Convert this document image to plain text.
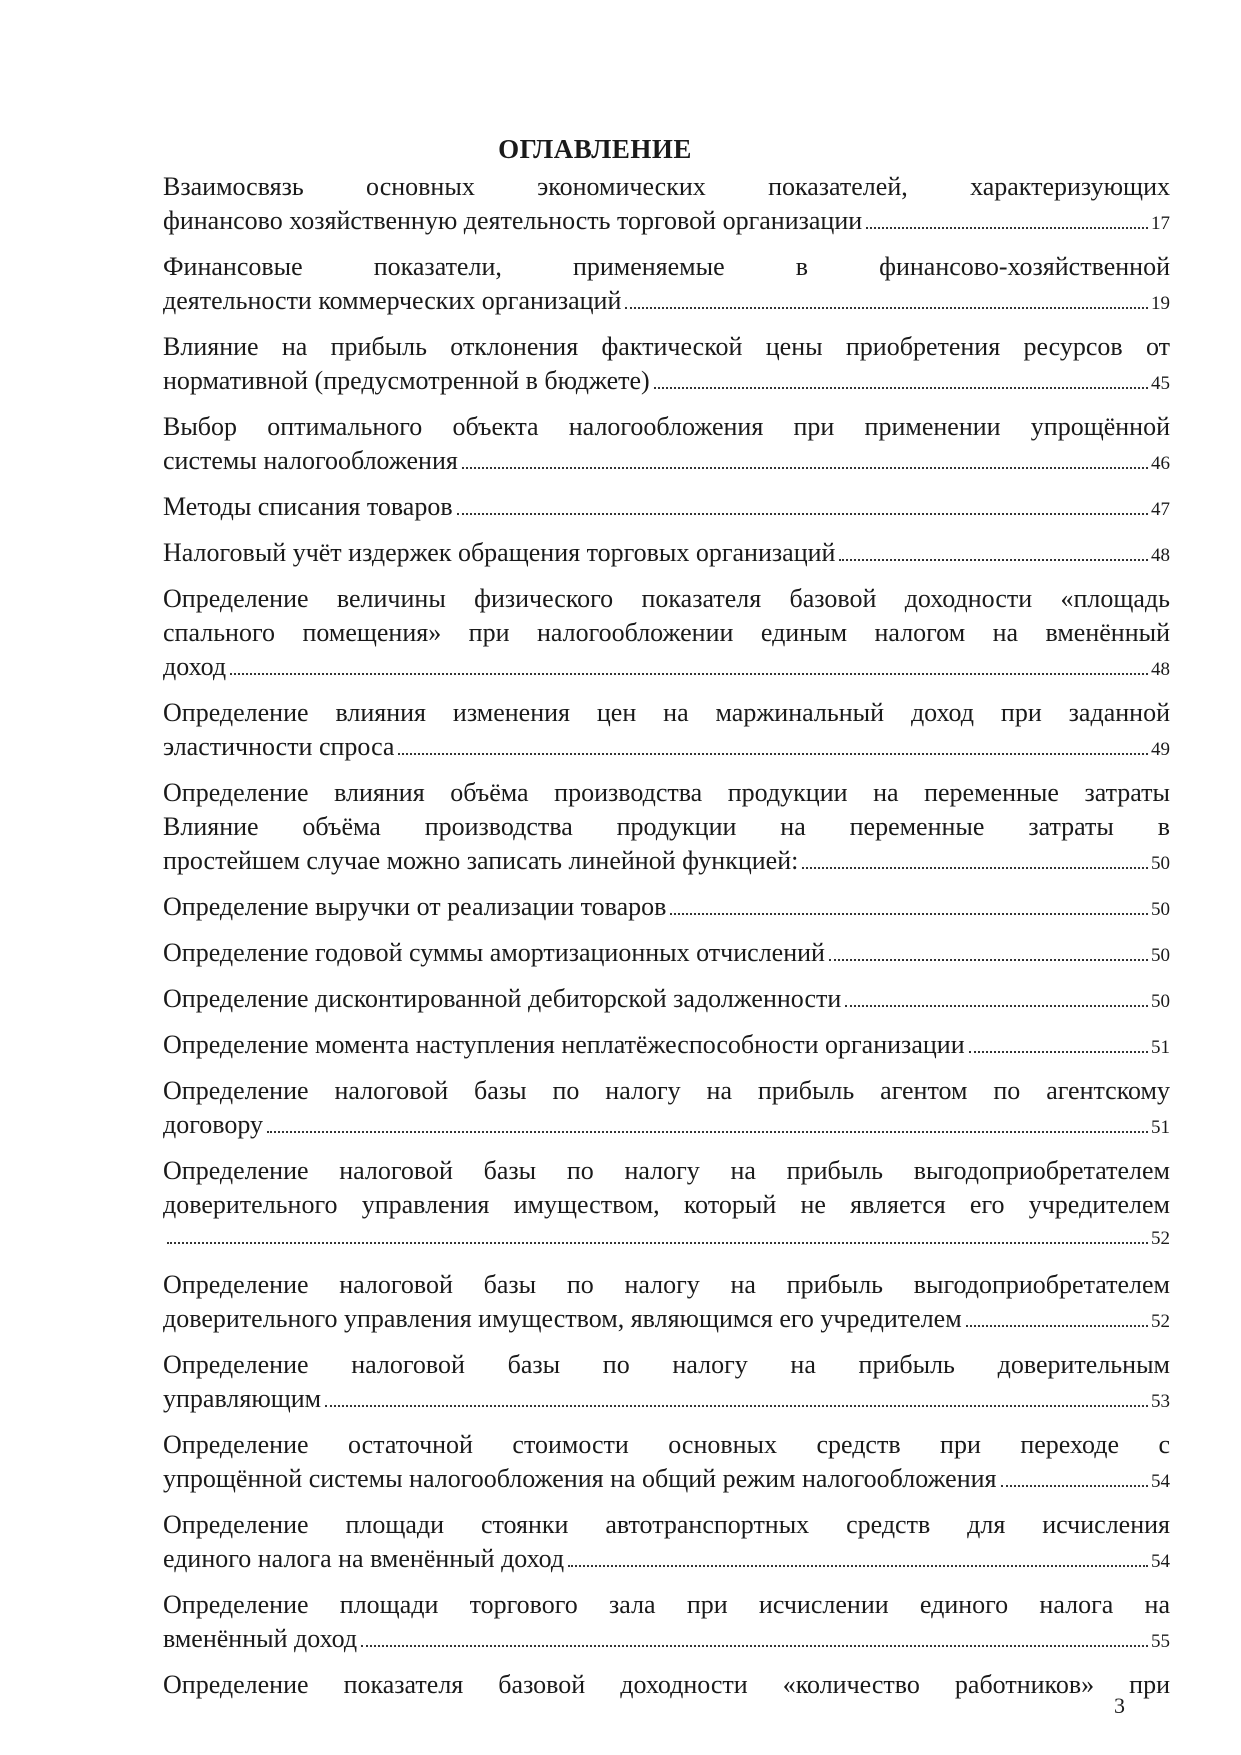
ОГЛАВЛЕНИЕ
Взаимосвязь основных экономических показателей, характеризующих
финансово хозяйственную деятельность торговой организации	17
Финансовые показатели, применяемые в финансово-хозяйственной
деятельности коммерческих организаций	19
Влияние на прибыль отклонения фактической цены приобретения ресурсов от
нормативной (предусмотренной в бюджете)	45
Выбор оптимального объекта налогообложения при применении упрощённой
системы налогообложения	46
Методы списания товаров	47
Налоговый учёт издержек обращения торговых организаций	48
Определение величины физического показателя базовой доходности «площадь
спального помещения» при налогообложении единым налогом на вменённый
доход	48
Определение влияния изменения цен на маржинальный доход при заданной
эластичности спроса	49
Определение влияния объёма производства продукции на переменные затраты
Влияние объёма производства продукции на переменные затраты в
простейшем случае можно записать линейной функцией:	50
Определение выручки от реализации товаров	50
Определение годовой суммы амортизационных отчислений	50
Определение дисконтированной дебиторской задолженности	50
Определение момента наступления неплатёжеспособности организации	51
Определение налоговой базы по налогу на прибыль агентом по агентскому
договору	51
Определение налоговой базы по налогу на прибыль выгодоприобретателем
доверительного управления имуществом, который не является его учредителем
52
Определение налоговой базы по налогу на прибыль выгодоприобретателем
доверительного управления имуществом, являющимся его учредителем	52
Определение налоговой базы по налогу на прибыль доверительным
управляющим	53
Определение остаточной стоимости основных средств при переходе с
упрощённой системы налогообложения на общий режим налогообложения	54
Определение площади стоянки автотранспортных средств для исчисления
единого налога на вменённый доход	54
Определение площади торгового зала при исчислении единого налога на
вменённый доход	55
Определение показателя базовой доходности «количество работников» при
3
